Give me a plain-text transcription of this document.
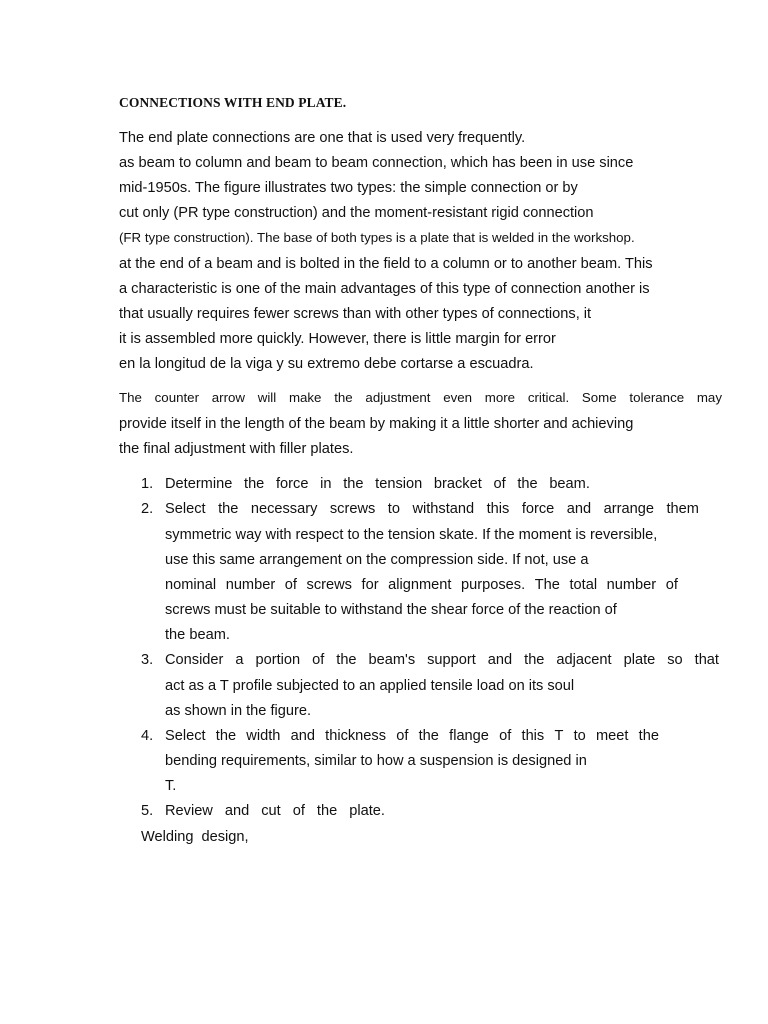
CONNECTIONS WITH END PLATE.
The end plate connections are one that is used very frequently.
as beam to column and beam to beam connection, which has been in use since
mid-1950s. The figure illustrates two types: the simple connection or by
cut only (PR type construction) and the moment-resistant rigid connection
(FR type construction). The base of both types is a plate that is welded in the workshop.
at the end of a beam and is bolted in the field to a column or to another beam. This
a characteristic is one of the main advantages of this type of connection another is
that usually requires fewer screws than with other types of connections, it
it is assembled more quickly. However, there is little margin for error
en la longitud de la viga y su extremo debe cortarse a escuadra.
The counter arrow will make the adjustment even more critical. Some tolerance may
provide itself in the length of the beam by making it a little shorter and achieving
the final adjustment with filler plates.
1. Determine the force in the tension bracket of the beam.
2. Select the necessary screws to withstand this force and arrange them
symmetric way with respect to the tension skate. If the moment is reversible,
use this same arrangement on the compression side. If not, use a
nominal number of screws for alignment purposes. The total number of
screws must be suitable to withstand the shear force of the reaction of
the beam.
3. Consider a portion of the beam's support and the adjacent plate so that
act as a T profile subjected to an applied tensile load on its soul
as shown in the figure.
4. Select the width and thickness of the flange of this T to meet the
bending requirements, similar to how a suspension is designed in
T.
5. Review and cut of the plate.
Welding design,
